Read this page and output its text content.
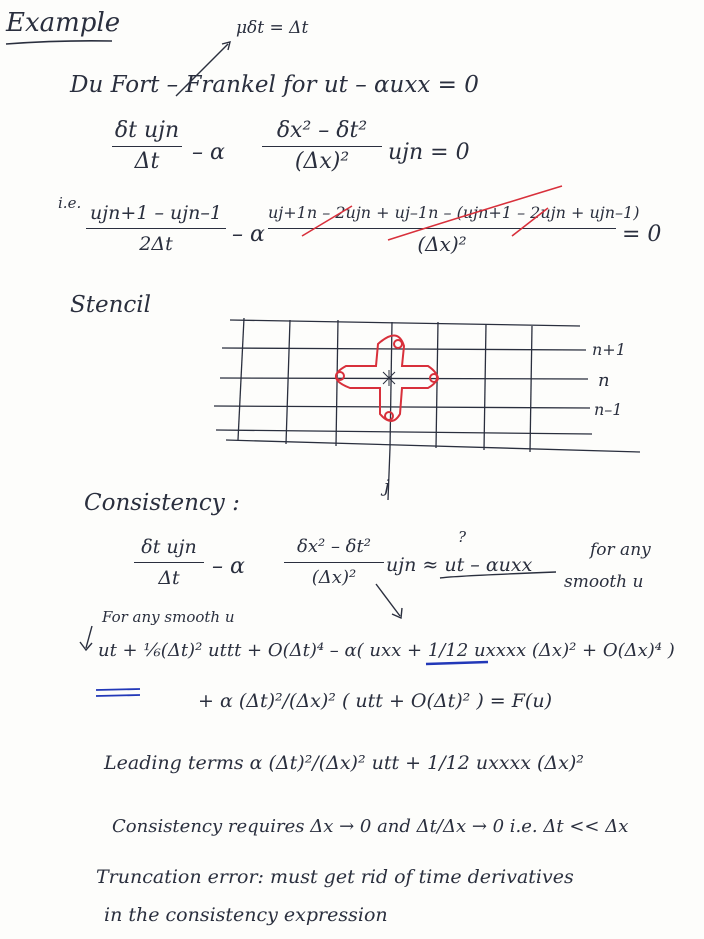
Example	μδt = Δt
Du Fort – Frankel for ut – αuxx = 0
δt ujn
Δt	– α
δx² – δt²
(Δx)²	ujn = 0
i.e. ujn+1 – ujn–1
2Δt	– α
uj+1n – 2ujn + uj–1n – (ujn+1 – 2ujn + ujn–1)
(Δx)²	= 0
Stencil
n+1
n
n–1
j
Consistency :
δt ujn
Δt	– α
δx² – δt²
(Δx)²
ujn ≈ ut – αuxx
?
for any
smooth u
For any smooth u
ut + ⅙(Δt)² uttt + O(Δt)⁴ – α( uxx + 1/12 uxxxx (Δx)² + O(Δx)⁴ )
+ α (Δt)²/(Δx)² ( utt + O(Δt)² ) = F(u)
Leading terms α (Δt)²/(Δx)² utt + 1/12 uxxxx (Δx)²
Consistency requires Δx → 0 and Δt/Δx → 0 i.e. Δt << Δx
Truncation error: must get rid of time derivatives
in the consistency expression
